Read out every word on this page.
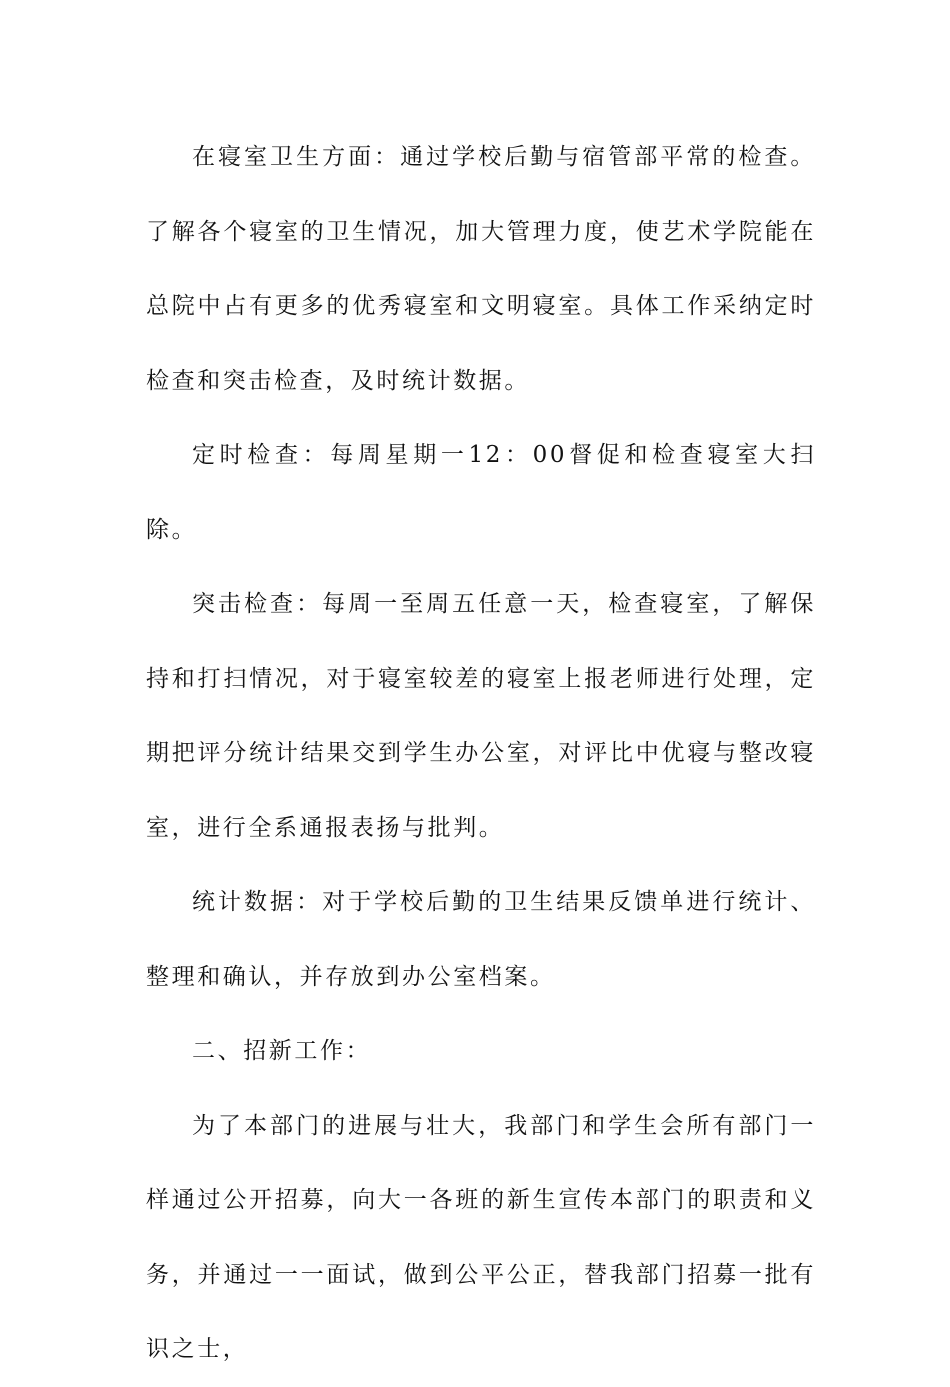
在寝室卫生方面：通过学校后勤与宿管部平常的检查。了解各个寝室的卫生情况，加大管理力度，使艺术学院能在总院中占有更多的优秀寝室和文明寝室。具体工作采纳定时检查和突击检查，及时统计数据。

定时检查：每周星期一12：00督促和检查寝室大扫除。

突击检查：每周一至周五任意一天，检查寝室，了解保持和打扫情况，对于寝室较差的寝室上报老师进行处理，定期把评分统计结果交到学生办公室，对评比中优寝与整改寝室，进行全系通报表扬与批判。

统计数据：对于学校后勤的卫生结果反馈单进行统计、整理和确认，并存放到办公室档案。

二、招新工作：

为了本部门的进展与壮大，我部门和学生会所有部门一样通过公开招募，向大一各班的新生宣传本部门的职责和义务，并通过一一面试，做到公平公正，替我部门招募一批有识之士，
